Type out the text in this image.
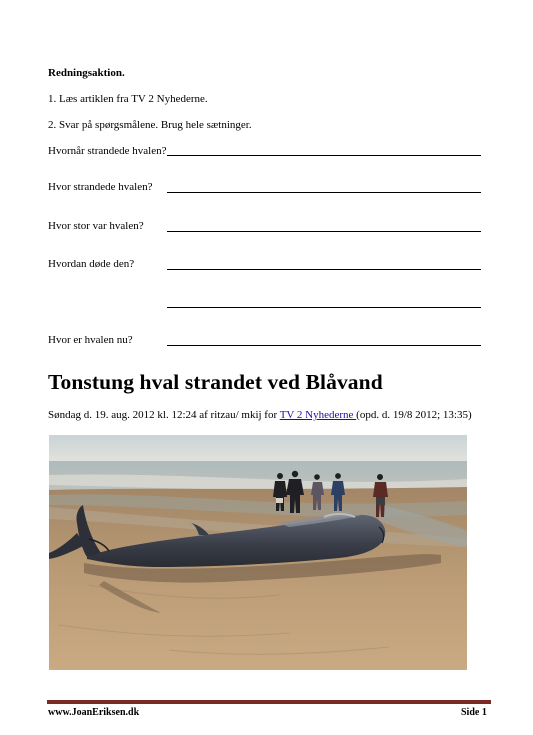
Redningsaktion.
1. Læs artiklen fra TV 2 Nyhederne.
2. Svar på spørgsmålene. Brug hele sætninger.
Hvornår strandede hvalen?
Hvor strandede hvalen?
Hvor stor var hvalen?
Hvordan døde den?
Hvor er hvalen nu?
Tonstung hval strandet ved Blåvand
Søndag d. 19. aug. 2012 kl. 12:24 af ritzau/ mkij for TV 2 Nyhederne (opd. d. 19/8 2012; 13:35)
www.JoanEriksen.dk	Side 1
